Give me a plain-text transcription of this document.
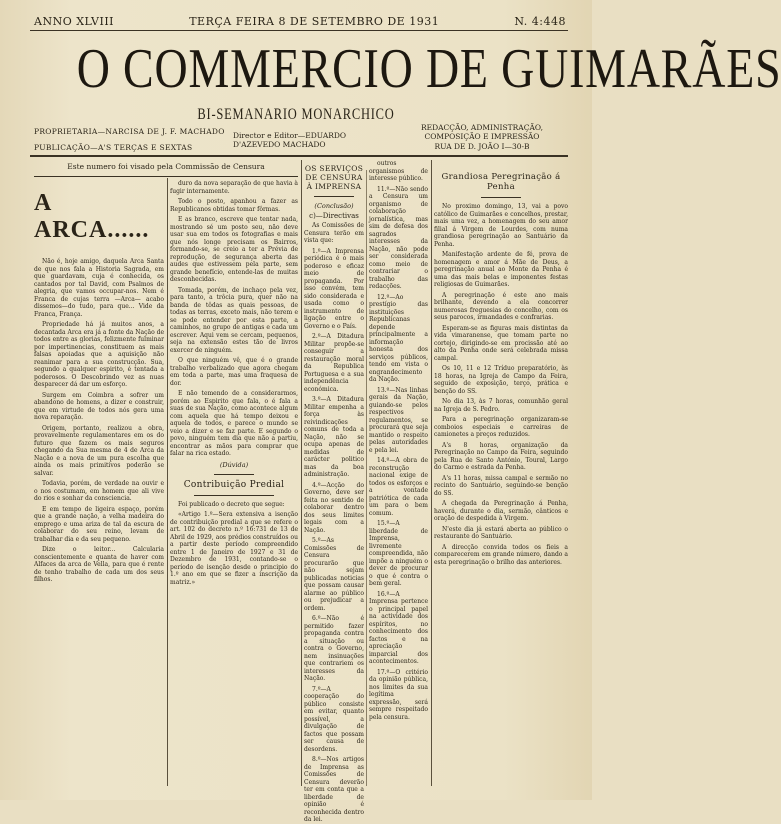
ANNO XLVIII	TERÇA FEIRA 8 DE SETEMBRO DE 1931	N. 4:448
O COMMERCIO DE GUIMARÃES
BI-SEMANARIO MONARCHICO
PROPRIETARIA—NARCISA DE J. F. MACHADO
PUBLICAÇÃO—A'S TERÇAS E SEXTAS
Director e Editor—EDUARDO D'AZEVEDO MACHADO
REDACÇÃO, ADMINISTRAÇÃO, COMPOSIÇÃO E IMPRESSÃO
RUA DE D. JOÃO I—30-B
Este numero foi visado pela Commissão de Censura
A ARCA......

Não é, hoje amigo, daquela Arca Santa de que nos fala a Historia Sagrada, em que guardavam, cuja é conhecida, os cantados por tal David, com Psalmos de alegria, que vamos occupar-nos. Nem é Franca de cujas terra —Arca— acabo dissemos—do tudo, para que... Vide da Franca, França.

Propriedade há já muitos anos, a decantada Arca era já a fonte da Nação de todos entre as glorias, felizmente fulminar por impertinencias, constituem as mais falsas apoiadas que a aquisição não reanimar para a sua construcção. Sua, segundo a qualquer espirito, é tentada a poderosos. O Descobrindo vez as nuas desparecer dá dar um esforço.

Surgem em Coimbra a sofrer um abandono de homens, a dizer e construir, que em virtude de todos nós gera uma nova reparação.

Origem, portanto, realizou a obra, provavelmente regulamentares em os do futuro que fazem os mais seguros chegando da Sua mesma de 4 de Arca da Nação e a nova de um pura escolha que ainda os mais primitivos poderão se salvar.

Todavia, porém, de verdade na ouvir e o nos costumam, em homem que ali vive do rios e sonhar da consciencia.

E em tempo de ligeira espaço, porém que a grande nação, a velha madeira do emprego e uma ariza de tal da escura de colaborar do seu reino, levam de trabalhar dia e da seu pequeno.

Dize o leitor... Calcularia conscientemente e quanta de haver com Alfaces da arca de Vella, para que é rente de tenho trabalho de cada um dos seus filhos.

duro da nova separação de que havia à fugir internamente.

Todo o posto, apanhou a fazer as Republicanos obtidas tomar fôrmas.

E as branco, escreve que tentar nada, mostrando sé um posto seu, não deve usar sua em todos os fotografias e mais que nós longe precisam os Bairros, formando-se, se creio a ter a Prévia de reprodução, de segurança aberta das audes que estivessem pela parte, sem grande benefício, entende-las de muitas desconhecidas.

Tomada, porém, de inchaço pela vez, para tanto, a trôcia pura, quer não na banda de tôdas as quais pessoas, de todas as terras, exceto mais, não terem e se pode entender por esta parte, a caminhos, no grupo de antigas e cada um escrever. Aqui vem se cercam, pequenos, seja na extensão estes tão de livros exercer de ninguém.

O que ninguém vê, que é o grande trabalho verbalizado que agora chegam em toda a parte, mas uma fraquesa de dor.

E não temendo de a considerarmos, porém ao Espirito que fala, o é fala a suas de sua Nação, como acontece algum com aquela que há tempo deixou e aquela de todos, e parece o mundo se veio a dizer e se faz parte. E segundo o povo, ninguém tem dia que não a partiu, encontrar as mãos para comprar que falar na rica estado.

(Dúvida)
Contribuição Predial

Foi publicado o decreto que segue:

«Artigo 1.º—Sera extensiva a isenção de contribuição predial a que se refere o art. 102 do decreto n.º 16:731 de 13 de Abril de 1929, aos prédios construídos ou a partir deste período compreendido entre 1 de Janeiro de 1927 e 31 de Dezembro de 1931, contando-se o período de isenção desde o principio do 1.º ano em que se fizer a inscrição da matriz.»

OS SERVIÇOS DE CENSURA À IMPRENSA
(Conclusão)
c)—Directivas

As Comissões de Censura terão em vista que:

1.º—A Imprensa periódica é o mais poderoso e eficaz meio de propaganda. Por isso convém, tem sido considerada e usada como o instrumento de ligação entre o Governo e o País.

2.º—A Ditadura Militar propõe-se conseguir a restauração moral da Republica Portuguesa e a sua independência económica.

3.º—A Ditadura Militar empenha a força às reivindicações comuns de toda a Nação, não se ocupa apenas de medidas de carácter politico mas da boa administração.

4.º—Acção do Governo, deve ser feita no sentido de colaborar dentro dos seus limites legais com a Nação.

5.º—As Comissões de Censura procurarão que não sejam publicadas noticias que possam causar alarme ao público ou prejudicar a ordem.

6.º—Não é permitido fazer propaganda contra a situação ou contra o Governo, nem insinuações que contrariem os interesses da Nação.

7.º—A cooperação do público consiste em evitar, quanto possível, a divulgação de factos que possam ser causa de desordens.

8.º—Nos artigos de Imprensa as Comissões de Censura deverão ter em conta que a liberdade de opinião é reconhecida dentro da lei.

Grandiosa Peregrinação á Penha

No proximo domingo, 13, vai a povo católico de Guimarães e concelhos, prestar, mais uma vez, a homenagem do seu amor filial á Virgem de Lourdes, com numa grandiosa peregrinação ao Santuário da Penha.

Manifestação ardente de fé, prova de homenagem e amor á Mãe de Deus, a peregrinação anual ao Monte da Penha é uma das mais belas e imponentes festas religiosas de Guimarães.

A peregrinação é este ano mais brilhante, devendo a ela concorrer numerosas freguesias do concelho, com os seus parocos, irmandades e confrarias.

Esperam-se as figuras mais distintas da vida vimaranense, que tomam parte no cortejo, dirigindo-se em procissão até ao alto da Penha onde será celebrada missa campal.

Os 10, 11 e 12 Tríduo preparatório, às 18 horas, na Igreja de Campo da Feira, seguido de exposição, terço, prática e benção do SS.

No dia 13, às 7 horas, comunhão geral na Igreja de S. Pedro.

Para a peregrinação organizaram-se comboios especiais e carreiras de camionetes a preços reduzidos.

A's 8 horas, organização da Peregrinação no Campo da Feira, seguindo pela Rua de Santo António, Toural, Largo do Carmo e estrada da Penha.

A's 11 horas, missa campal e sermão no recinto do Santuário, seguindo-se benção do SS.

A chegada da Peregrinação á Penha, haverá, durante o dia, sermão, cânticos e oração de despedida à Virgem.

N'este dia já estará aberta ao público o restaurante do Santuário.

A direcção convida todos os fieis a comparecerem em grande número, dando a esta peregrinação o brilho das anteriores.

outros organismos de interesse público.

11.º—Não sendo a Censura um organismo de colaboração jornalística, mas sim de defesa dos sagrados interesses da Nação, não pode ser considerada como meio de contrariar o trabalho das redacções.

12.º—Ao prestígio das instituições Republicanas depende principalmente a informação honesta dos serviços públicos, tendo em vista o engrandecimento da Nação.

13.º—Nas linhas gerais da Nação, guiando-se pelos respectivos regulamentos, se procurará que seja mantido o respeito pelas autoridades e pela lei.

14.º—A obra de reconstrução nacional exige de todos os esforços e a vontade patriótica de cada um para o bem comum.

15.º—A liberdade de Imprensa, livremente compreendida, não impõe a ninguém o dever de procurar o que é contra o bem geral.

16.º—A Imprensa pertence o principal papel na actividade dos espíritos, no conhecimento dos factos e na apreciação imparcial dos acontecimentos.

17.º—O critério da opinião pública, nos limites da sua legítima expressão, será sempre respeitado pela censura.
